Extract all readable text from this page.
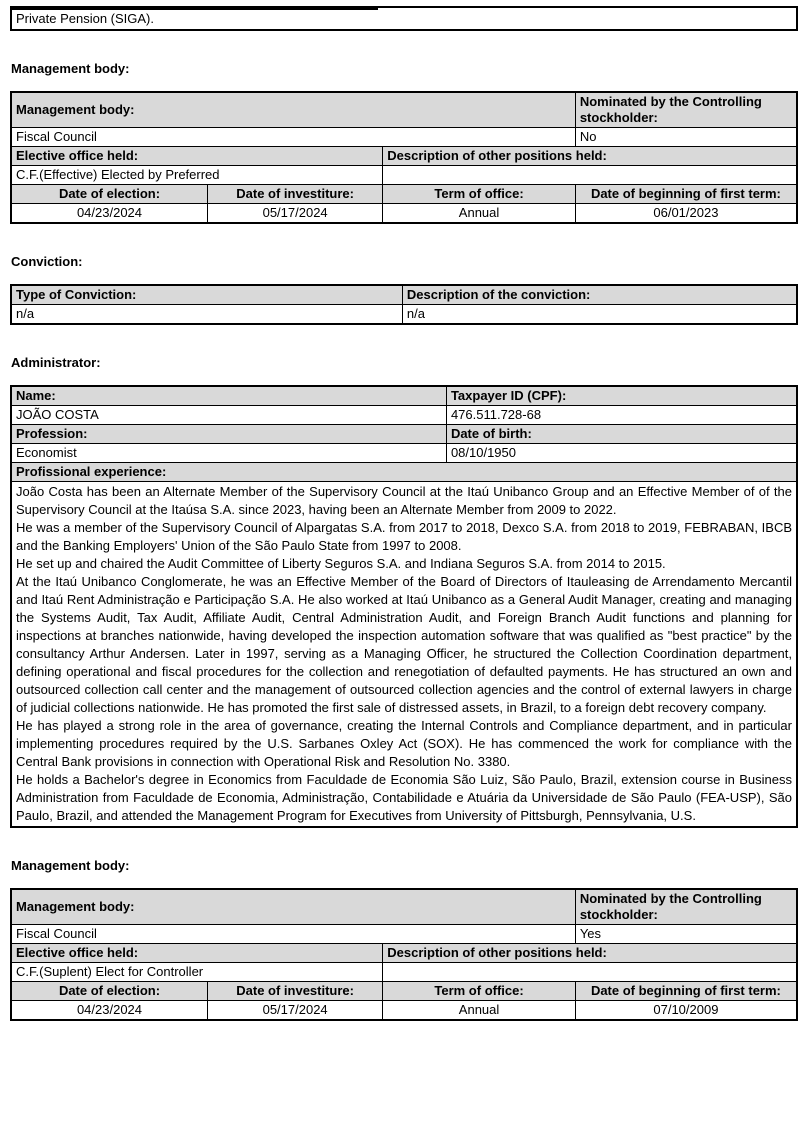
Private Pension (SIGA).
Management body:
Management body:			Nominated by the Controlling stockholder:
Fiscal Council			No
Elective office held:		Description of other positions held:	
C.F.(Effective) Elected by Preferred			
Date of election:	Date of investiture:	Term of office:	Date of beginning of first term:
04/23/2024	05/17/2024	Annual	06/01/2023
Conviction:
Type of Conviction:	Description of the conviction:
n/a	n/a
Administrator:
Name:	Taxpayer ID (CPF):
JOÃO COSTA	476.511.728-68
Profession:	Date of birth:
Economist	08/10/1950
Profissional experience:	

João Costa has been an Alternate Member of the Supervisory Council at the Itaú Unibanco Group and an Effective Member of of the Supervisory Council at the Itaúsa S.A. since 2023, having been an Alternate Member from 2009 to 2022.

He was a member of the Supervisory Council of Alpargatas S.A. from 2017 to 2018, Dexco S.A. from 2018 to 2019, FEBRABAN, IBCB and the Banking Employers' Union of the São Paulo State from 1997 to 2008.

He set up and chaired the Audit Committee of Liberty Seguros S.A. and Indiana Seguros S.A. from 2014 to 2015.

At the Itaú Unibanco Conglomerate, he was an Effective Member of the Board of Directors of Itauleasing de Arrendamento Mercantil and Itaú Rent Administração e Participação S.A. He also worked at Itaú Unibanco as a General Audit Manager, creating and managing the Systems Audit, Tax Audit, Affiliate Audit, Central Administration Audit, and Foreign Branch Audit functions and planning for inspections at branches nationwide, having developed the inspection automation software that was qualified as "best practice" by the consultancy Arthur Andersen. Later in 1997, serving as a Managing Officer, he structured the Collection Coordination department, defining operational and fiscal procedures for the collection and renegotiation of defaulted payments. He has structured an own and outsourced collection call center and the management of outsourced collection agencies and the control of external lawyers in charge of judicial collections nationwide. He has promoted the first sale of distressed assets, in Brazil, to a foreign debt recovery company.

He has played a strong role in the area of governance, creating the Internal Controls and Compliance department, and in particular implementing procedures required by the U.S. Sarbanes Oxley Act (SOX). He has commenced the work for compliance with the Central Bank provisions in connection with Operational Risk and Resolution No. 3380.

He holds a Bachelor's degree in Economics from Faculdade de Economia São Luiz, São Paulo, Brazil, extension course in Business Administration from Faculdade de Economia, Administração, Contabilidade e Atuária da Universidade de São Paulo (FEA-USP), São Paulo, Brazil, and attended the Management Program for Executives from University of Pittsburgh, Pennsylvania, U.S.

Management body:
Management body:			Nominated by the Controlling stockholder:
Fiscal Council			Yes
Elective office held:		Description of other positions held:	
C.F.(Suplent) Elect for Controller			
Date of election:	Date of investiture:	Term of office:	Date of beginning of first term:
04/23/2024	05/17/2024	Annual	07/10/2009
